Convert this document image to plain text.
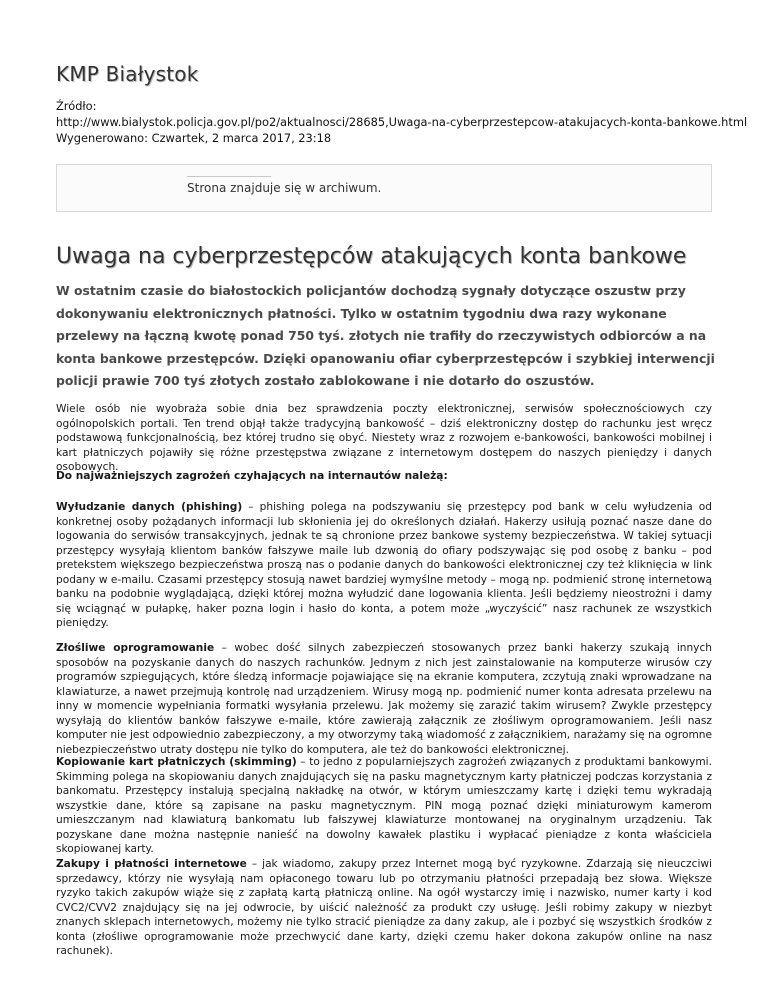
KMP Białystok
Źródło:
http://www.bialystok.policja.gov.pl/po2/aktualnosci/28685,Uwaga-na-cyberprzestepcow-atakujacych-konta-bankowe.html
Wygenerowano: Czwartek, 2 marca 2017, 23:18
Strona znajduje się w archiwum.
Uwaga na cyberprzestępców atakujących konta bankowe

W ostatnim czasie do białostockich policjantów dochodzą sygnały dotyczące oszustw przy dokonywaniu elektronicznych płatności. Tylko w ostatnim tygodniu dwa razy wykonane przelewy na łączną kwotę ponad 750 tyś. złotych nie trafiły do rzeczywistych odbiorców a na konta bankowe przestępców. Dzięki opanowaniu ofiar cyberprzestępców i szybkiej interwencji policji prawie 700 tyś złotych zostało zablokowane i nie dotarło do oszustów.

Wiele osób nie wyobraża sobie dnia bez sprawdzenia poczty elektronicznej, serwisów społecznościowych czy ogólnopolskich portali. Ten trend objął także tradycyjną bankowość – dziś elektroniczny dostęp do rachunku jest wręcz podstawową funkcjonalnością, bez której trudno się obyć. Niestety wraz z rozwojem e-bankowości, bankowości mobilnej i kart płatniczych pojawiły się różne przestępstwa związane z internetowym dostępem do naszych pieniędzy i danych osobowych.

Do najważniejszych zagrożeń czyhających na internautów należą:

Wyłudzanie danych (phishing) – phishing polega na podszywaniu się przestępcy pod bank w celu wyłudzenia od konkretnej osoby pożądanych informacji lub skłonienia jej do określonych działań. Hakerzy usiłują poznać nasze dane do logowania do serwisów transakcyjnych, jednak te są chronione przez bankowe systemy bezpieczeństwa. W takiej sytuacji przestępcy wysyłają klientom banków fałszywe maile lub dzwonią do ofiary podszywając się pod osobę z banku – pod pretekstem większego bezpieczeństwa proszą nas o podanie danych do bankowości elektronicznej czy też kliknięcia w link podany w e-mailu. Czasami przestępcy stosują nawet bardziej wymyślne metody – mogą np. podmienić stronę internetową banku na podobnie wyglądającą, dzięki której można wyłudzić dane logowania klienta. Jeśli będziemy nieostrożni i damy się wciągnąć w pułapkę, haker pozna login i hasło do konta, a potem może „wyczyścić” nasz rachunek ze wszystkich pieniędzy.

Złośliwe oprogramowanie – wobec dość silnych zabezpieczeń stosowanych przez banki hakerzy szukają innych sposobów na pozyskanie danych do naszych rachunków. Jednym z nich jest zainstalowanie na komputerze wirusów czy programów szpiegujących, które śledzą informacje pojawiające się na ekranie komputera, zczytują znaki wprowadzane na klawiaturze, a nawet przejmują kontrolę nad urządzeniem. Wirusy mogą np. podmienić numer konta adresata przelewu na inny w momencie wypełniania formatki wysyłania przelewu. Jak możemy się zarazić takim wirusem? Zwykle przestępcy wysyłają do klientów banków fałszywe e-maile, które zawierają załącznik ze złośliwym oprogramowaniem. Jeśli nasz komputer nie jest odpowiednio zabezpieczony, a my otworzymy taką wiadomość z załącznikiem, narażamy się na ogromne niebezpieczeństwo utraty dostępu nie tylko do komputera, ale też do bankowości elektronicznej.

Kopiowanie kart płatniczych (skimming) – to jedno z popularniejszych zagrożeń związanych z produktami bankowymi. Skimming polega na skopiowaniu danych znajdujących się na pasku magnetycznym karty płatniczej podczas korzystania z bankomatu. Przestępcy instalują specjalną nakładkę na otwór, w którym umieszczamy kartę i dzięki temu wykradają wszystkie dane, które są zapisane na pasku magnetycznym. PIN mogą poznać dzięki miniaturowym kamerom umieszczanym nad klawiaturą bankomatu lub fałszywej klawiaturze montowanej na oryginalnym urządzeniu. Tak pozyskane dane można następnie nanieść na dowolny kawałek plastiku i wypłacać pieniądze z konta właściciela skopiowanej karty.

Zakupy i płatności internetowe – jak wiadomo, zakupy przez Internet mogą być ryzykowne. Zdarzają się nieuczciwi sprzedawcy, którzy nie wysyłają nam opłaconego towaru lub po otrzymaniu płatności przepadają bez słowa. Większe ryzyko takich zakupów wiąże się z zapłatą kartą płatniczą online. Na ogół wystarczy imię i nazwisko, numer karty i kod CVC2/CVV2 znajdujący się na jej odwrocie, by uiścić należność za produkt czy usługę. Jeśli robimy zakupy w niezbyt znanych sklepach internetowych, możemy nie tylko stracić pieniądze za dany zakup, ale i pozbyć się wszystkich środków z konta (złośliwe oprogramowanie może przechwycić dane karty, dzięki czemu haker dokona zakupów online na nasz rachunek).
